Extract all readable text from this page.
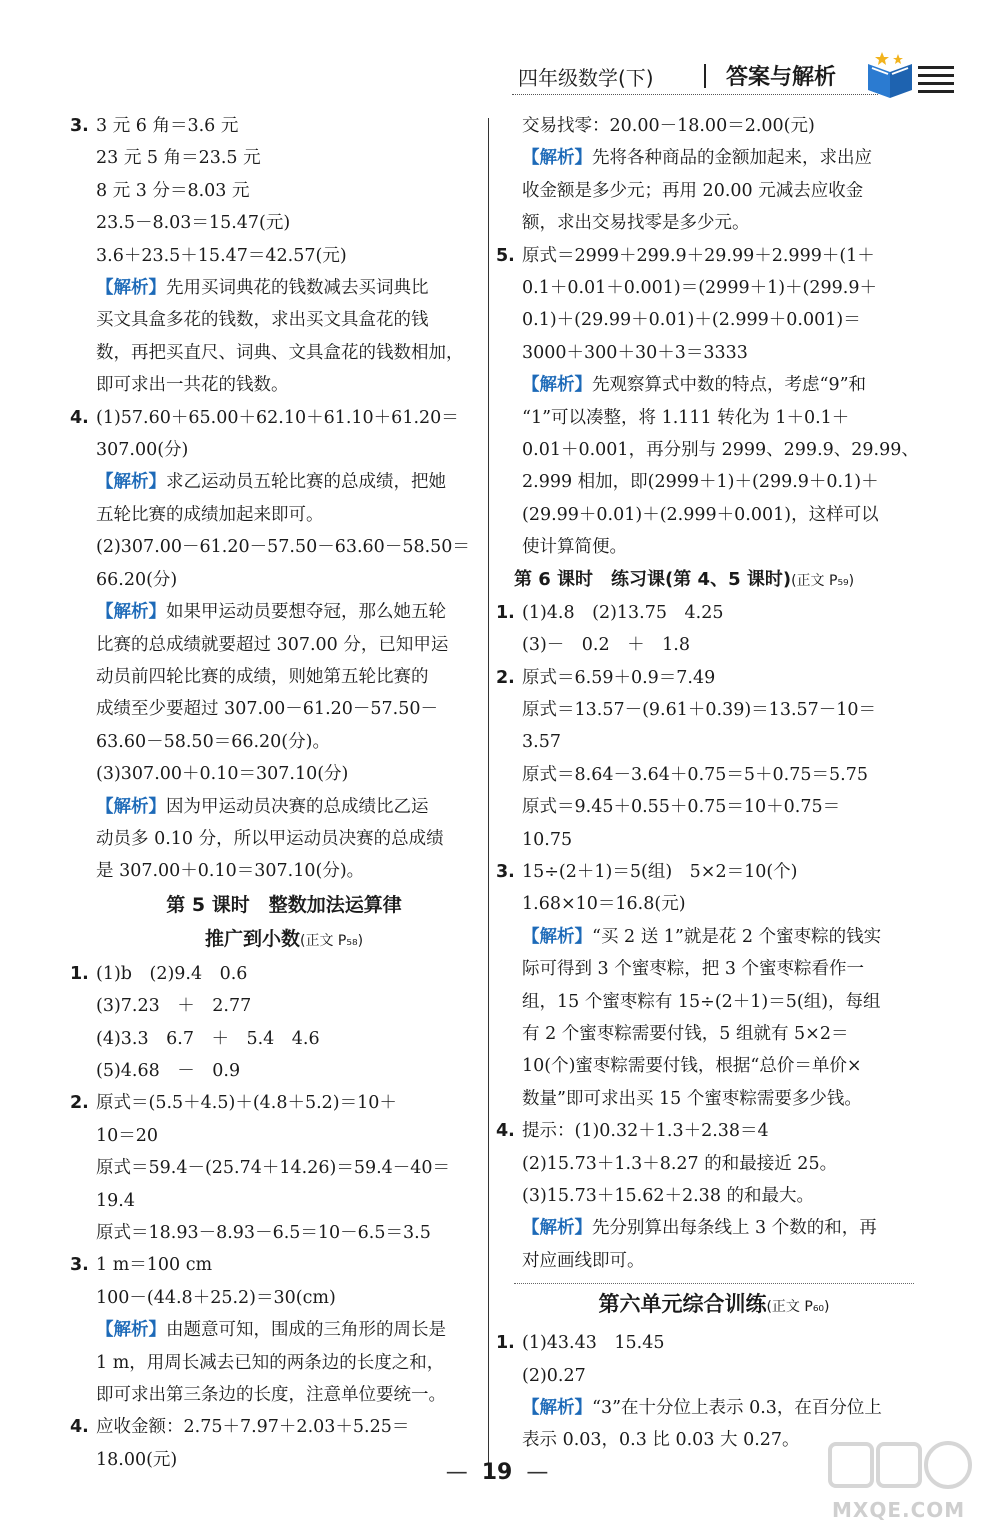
四年级数学(下)	答案与解析
3. 3 元 6 角＝3.6 元
23 元 5 角＝23.5 元
8 元 3 分＝8.03 元
23.5－8.03＝15.47(元)
3.6＋23.5＋15.47＝42.57(元)
【解析】先用买词典花的钱数减去买词典比
买文具盒多花的钱数，求出买文具盒花的钱
数，再把买直尺、词典、文具盒花的钱数相加，
即可求出一共花的钱数。
4. (1)57.60＋65.00＋62.10＋61.10＋61.20＝
307.00(分)
【解析】求乙运动员五轮比赛的总成绩，把她
五轮比赛的成绩加起来即可。
(2)307.00－61.20－57.50－63.60－58.50＝
66.20(分)
【解析】如果甲运动员要想夺冠，那么她五轮
比赛的总成绩就要超过 307.00 分，已知甲运
动员前四轮比赛的成绩，则她第五轮比赛的
成绩至少要超过 307.00－61.20－57.50－
63.60－58.50＝66.20(分)。
(3)307.00＋0.10＝307.10(分)
【解析】因为甲运动员决赛的总成绩比乙运
动员多 0.10 分，所以甲运动员决赛的总成绩
是 307.00＋0.10＝307.10(分)。
第 5 课时　整数加法运算律
推广到小数(正文 P₅₈)
1. (1)b　(2)9.4　0.6
(3)7.23　＋　2.77
(4)3.3　6.7　＋　5.4　4.6
(5)4.68　－　0.9
2. 原式＝(5.5＋4.5)＋(4.8＋5.2)＝10＋
10＝20
原式＝59.4－(25.74＋14.26)＝59.4－40＝
19.4
原式＝18.93－8.93－6.5＝10－6.5＝3.5
3. 1 m＝100 cm
100－(44.8＋25.2)＝30(cm)
【解析】由题意可知，围成的三角形的周长是
1 m，用周长减去已知的两条边的长度之和，
即可求出第三条边的长度，注意单位要统一。
4. 应收金额：2.75＋7.97＋2.03＋5.25＝
18.00(元)
交易找零：20.00－18.00＝2.00(元)
【解析】先将各种商品的金额加起来，求出应
收金额是多少元；再用 20.00 元减去应收金
额，求出交易找零是多少元。
5. 原式＝2999＋299.9＋29.99＋2.999＋(1＋
0.1＋0.01＋0.001)＝(2999＋1)＋(299.9＋
0.1)＋(29.99＋0.01)＋(2.999＋0.001)＝
3000＋300＋30＋3＝3333
【解析】先观察算式中数的特点，考虑“9”和
“1”可以凑整，将 1.111 转化为 1＋0.1＋
0.01＋0.001，再分别与 2999、299.9、29.99、
2.999 相加，即(2999＋1)＋(299.9＋0.1)＋
(29.99＋0.01)＋(2.999＋0.001)，这样可以
使计算简便。
第 6 课时　练习课(第 4、5 课时)(正文 P₅₉)
1. (1)4.8　(2)13.75　4.25
(3)－　0.2　＋　1.8
2. 原式＝6.59＋0.9＝7.49
原式＝13.57－(9.61＋0.39)＝13.57－10＝
3.57
原式＝8.64－3.64＋0.75＝5＋0.75＝5.75
原式＝9.45＋0.55＋0.75＝10＋0.75＝
10.75
3. 15÷(2＋1)＝5(组)　5×2＝10(个)
1.68×10＝16.8(元)
【解析】“买 2 送 1”就是花 2 个蜜枣粽的钱实
际可得到 3 个蜜枣粽，把 3 个蜜枣粽看作一
组，15 个蜜枣粽有 15÷(2＋1)＝5(组)，每组
有 2 个蜜枣粽需要付钱，5 组就有 5×2＝
10(个)蜜枣粽需要付钱，根据“总价＝单价×
数量”即可求出买 15 个蜜枣粽需要多少钱。
4. 提示：(1)0.32＋1.3＋2.38＝4
(2)15.73＋1.3＋8.27 的和最接近 25。
(3)15.73＋15.62＋2.38 的和最大。
【解析】先分别算出每条线上 3 个数的和，再
对应画线即可。
第六单元综合训练(正文 P₆₀)
1. (1)43.43　15.45
(2)0.27
【解析】“3”在十分位上表示 0.3，在百分位上
表示 0.03，0.3 比 0.03 大 0.27。
— 19 —
MXQE.COM
